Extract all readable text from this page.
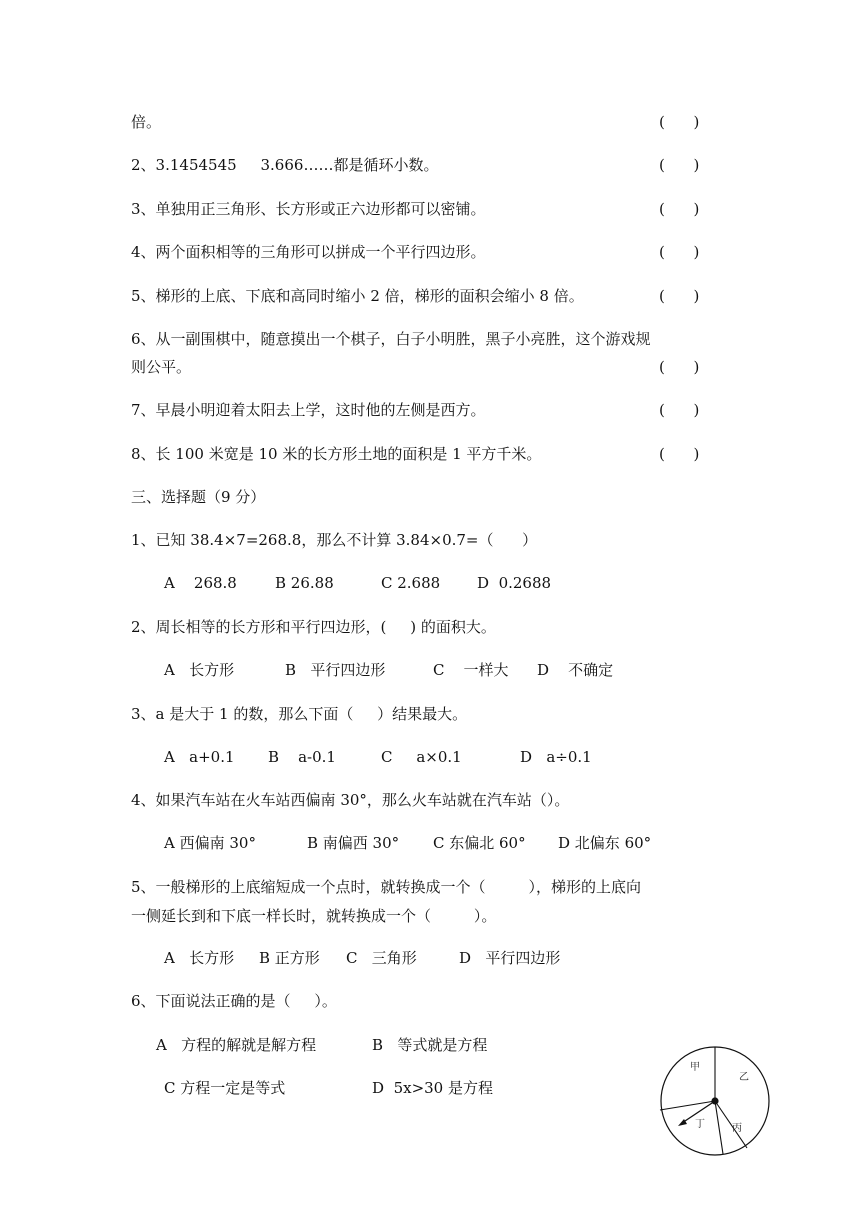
倍。	(      )
2、3.1454545     3.666……都是循环小数。	(      )
3、单独用正三角形、长方形或正六边形都可以密铺。	(      )
4、两个面积相等的三角形可以拼成一个平行四边形。	(      )
5、梯形的上底、下底和高同时缩小 2 倍，梯形的面积会缩小 8 倍。	(      )
6、从一副围棋中，随意摸出一个棋子，白子小明胜，黑子小亮胜，这个游戏规
则公平。	(      )
7、早晨小明迎着太阳去上学，这时他的左侧是西方。	(      )
8、长 100 米宽是 10 米的长方形土地的面积是 1 平方千米。	(      )
三、选择题（9 分）
1、已知 38.4×7=268.8，那么不计算 3.84×0.7=（      ）
A    268.8	B 26.88	C 2.688 D  0.2688
2、周长相等的长方形和平行四边形，(     ) 的面积大。
A   长方形	B   平行四边形	C    一样大 D    不确定
3、a 是大于 1 的数，那么下面（     ）结果最大。
A   a+0.1 B    a-0.1	C     a×0.1	D   a÷0.1
4、如果汽车站在火车站西偏南 30°，那么火车站就在汽车站（）。
A 西偏南 30°	B 南偏西 30° C 东偏北 60° D 北偏东 60°
5、一般梯形的上底缩短成一个点时，就转换成一个（         ），梯形的上底向
一侧延长到和下底一样长时，就转换成一个（         ）。
A   长方形 B 正方形 C   三角形	D   平行四边形
6、下面说法正确的是（     ）。
A   方程的解就是解方程	B   等式就是方程
C 方程一定是等式	D  5x>30 是方程
甲
乙
丙
丁
